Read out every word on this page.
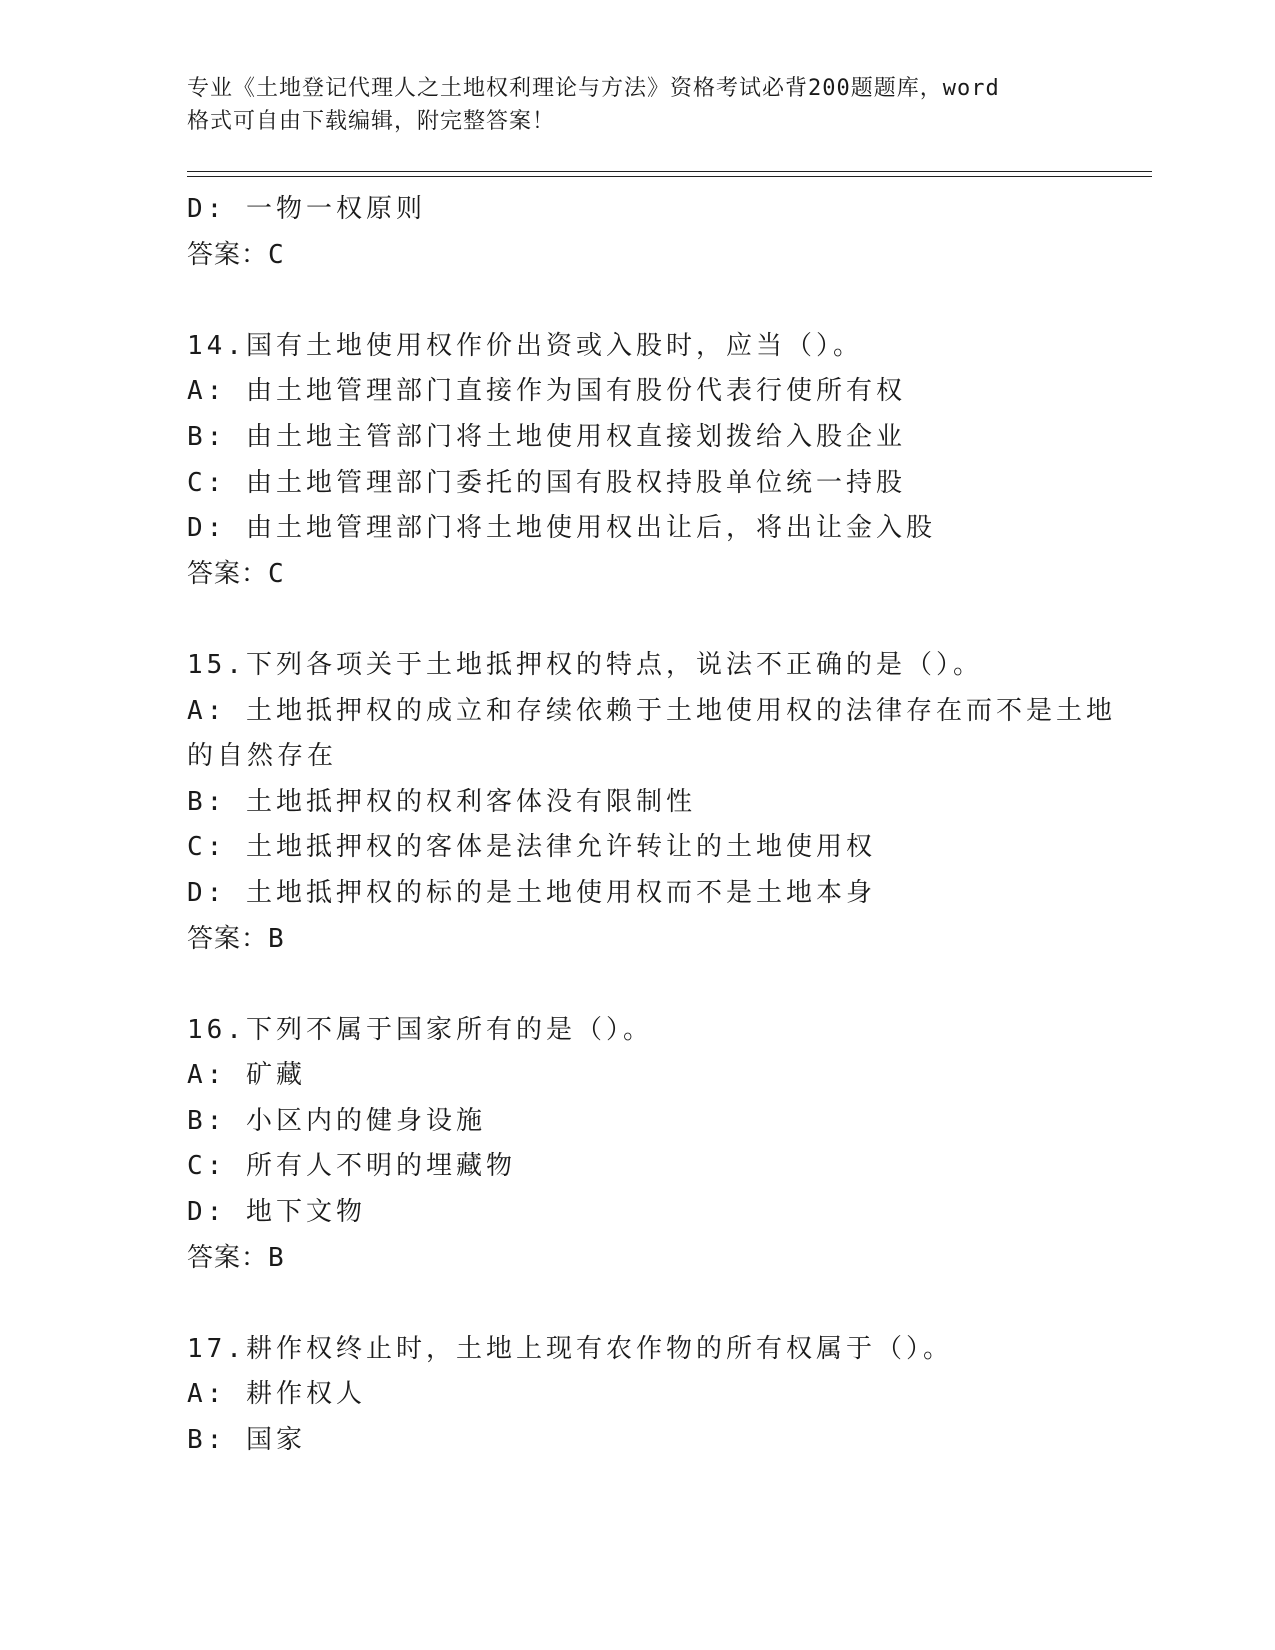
专业《土地登记代理人之土地权利理论与方法》资格考试必背200题题库，word
格式可自由下载编辑，附完整答案！
D: 一物一权原则
答案：C
14.国有土地使用权作价出资或入股时，应当（）。
A: 由土地管理部门直接作为国有股份代表行使所有权
B: 由土地主管部门将土地使用权直接划拨给入股企业
C: 由土地管理部门委托的国有股权持股单位统一持股
D: 由土地管理部门将土地使用权出让后，将出让金入股
答案：C
15.下列各项关于土地抵押权的特点，说法不正确的是（）。
A: 土地抵押权的成立和存续依赖于土地使用权的法律存在而不是土地
的自然存在
B: 土地抵押权的权利客体没有限制性
C: 土地抵押权的客体是法律允许转让的土地使用权
D: 土地抵押权的标的是土地使用权而不是土地本身
答案：B
16.下列不属于国家所有的是（）。
A: 矿藏
B: 小区内的健身设施
C: 所有人不明的埋藏物
D: 地下文物
答案：B
17.耕作权终止时，土地上现有农作物的所有权属于（）。
A: 耕作权人
B: 国家
